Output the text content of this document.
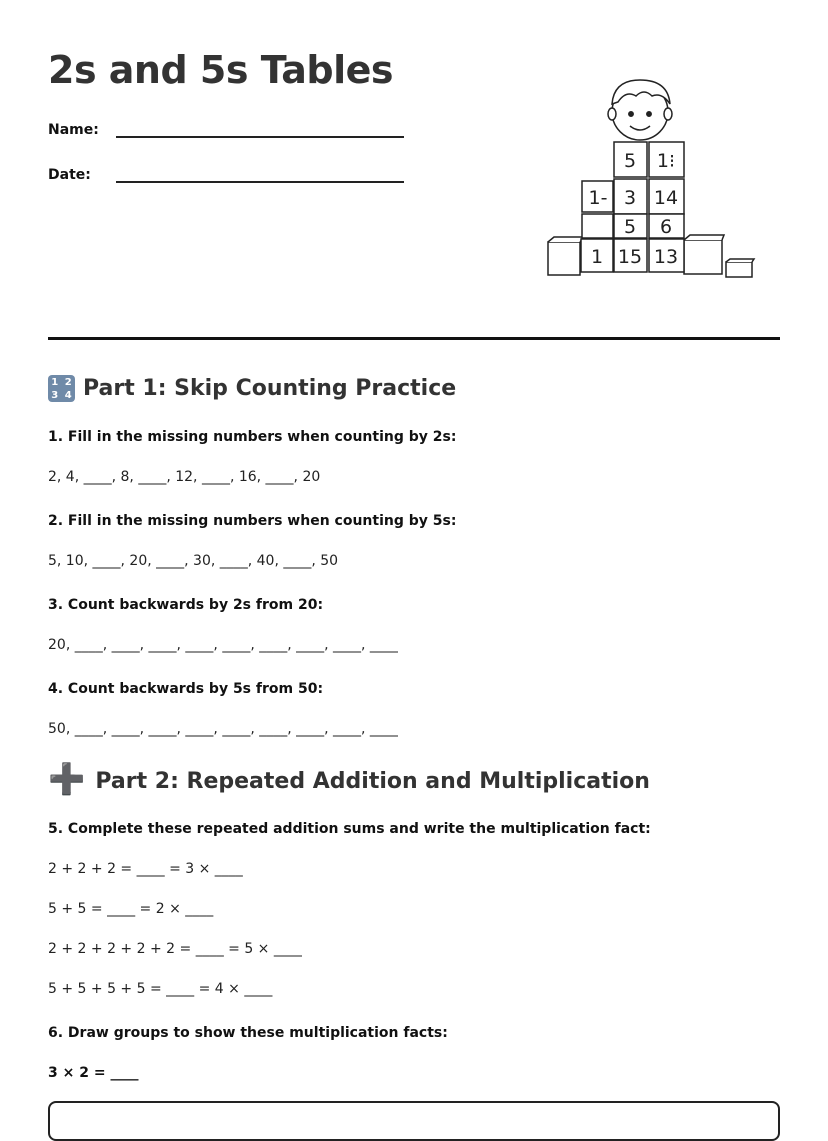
2s and 5s Tables
Name:
Date:
5 1⁝
1- 3 14
5 6
1 15 13
1 2
3 4 Part 1: Skip Counting Practice

1. Fill in the missing numbers when counting by 2s:

2, 4, ____, 8, ____, 12, ____, 16, ____, 20

2. Fill in the missing numbers when counting by 5s:

5, 10, ____, 20, ____, 30, ____, 40, ____, 50

3. Count backwards by 2s from 20:

20, ____, ____, ____, ____, ____, ____, ____, ____, ____

4. Count backwards by 5s from 50:

50, ____, ____, ____, ____, ____, ____, ____, ____, ____

➕ Part 2: Repeated Addition and Multiplication

5. Complete these repeated addition sums and write the multiplication fact:

2 + 2 + 2 = ____ = 3 × ____

5 + 5 = ____ = 2 × ____

2 + 2 + 2 + 2 + 2 = ____ = 5 × ____

5 + 5 + 5 + 5 = ____ = 4 × ____

6. Draw groups to show these multiplication facts:

3 × 2 = ____
